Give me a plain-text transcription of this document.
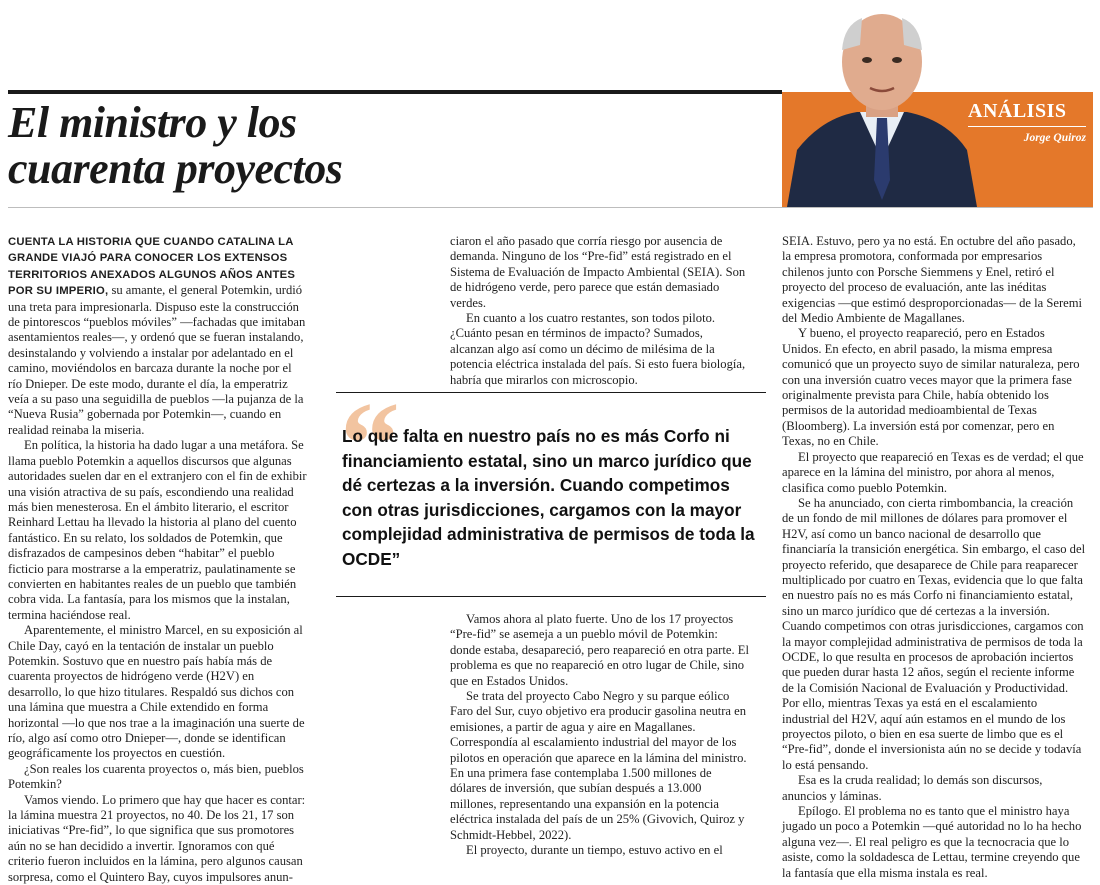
El ministro y los
cuarenta proyectos
ANÁLISIS
Jorge Quiroz

CUENTA LA HISTORIA QUE CUANDO CATALINA LA GRANDE VIAJÓ PARA CONOCER LOS EXTENSOS TERRITORIOS ANEXADOS ALGUNOS AÑOS ANTES POR SU IMPERIO, su amante, el general Potemkin, urdió una treta para impresionarla. Dispuso este la construcción de pintorescos “pueblos móviles” —fachadas que imitaban asentamientos reales—, y ordenó que se fueran instalando, desinstalando y volviendo a instalar por adelantado en el camino, moviéndolos en barcaza durante la noche por el río Dnieper. De este modo, durante el día, la emperatriz veía a su paso una seguidilla de pueblos —la pujanza de la “Nueva Rusia” gobernada por Potemkin—, cuando en realidad reinaba la miseria.

En política, la historia ha dado lugar a una metáfora. Se llama pueblo Potemkin a aquellos discursos que algunas autoridades suelen dar en el extranjero con el fin de exhibir una visión atractiva de su país, escondiendo una realidad más bien menesterosa. En el ámbito literario, el escritor Reinhard Lettau ha llevado la historia al plano del cuento fantástico. En su relato, los soldados de Potemkin, que disfrazados de campesinos deben “habitar” el pueblo ficticio para mostrarse a la emperatriz, paulatinamente se convierten en habitantes reales de un pueblo que también cobra vida. La fantasía, para los mismos que la instalan, termina haciéndose real.

Aparentemente, el ministro Marcel, en su exposición al Chile Day, cayó en la tentación de instalar un pueblo Potemkin. Sostuvo que en nuestro país había más de cuarenta proyectos de hidrógeno verde (H2V) en desarrollo, lo que hizo titulares. Respaldó sus dichos con una lámina que muestra a Chile extendido en forma horizontal —lo que nos trae a la imaginación una suerte de río, algo así como otro Dnieper—, donde se identifican geográficamente los proyectos en cuestión.

¿Son reales los cuarenta proyectos o, más bien, pueblos Potemkin?

Vamos viendo. Lo primero que hay que hacer es contar: la lámina muestra 21 proyectos, no 40. De los 21, 17 son iniciativas “Pre-fid”, lo que significa que sus promotores aún no se han decidido a invertir. Ignoramos con qué criterio fueron incluidos en la lámina, pero algunos causan sorpresa, como el Quintero Bay, cuyos impulsores anun-

ciaron el año pasado que corría riesgo por ausencia de demanda. Ninguno de los “Pre-fid” está registrado en el Sistema de Evaluación de Impacto Ambiental (SEIA). Son de hidrógeno verde, pero parece que están demasiado verdes.

En cuanto a los cuatro restantes, son todos piloto. ¿Cuánto pesan en términos de impacto? Sumados, alcanzan algo así como un décimo de milésima de la potencia eléctrica instalada del país. Si esto fuera biología, habría que mirarlos con microscopio.

“
Lo que falta en nuestro país no es más Corfo ni financiamiento estatal, sino un marco jurídico que dé certezas a la inversión. Cuando competimos con otras jurisdicciones, cargamos con la mayor complejidad administrativa de permisos de toda la OCDE”

Vamos ahora al plato fuerte. Uno de los 17 proyectos “Pre-fid” se asemeja a un pueblo móvil de Potemkin: donde estaba, desapareció, pero reapareció en otra parte. El problema es que no reapareció en otro lugar de Chile, sino que en Estados Unidos.

Se trata del proyecto Cabo Negro y su parque eólico Faro del Sur, cuyo objetivo era producir gasolina neutra en emisiones, a partir de agua y aire en Magallanes. Correspondía al escalamiento industrial del mayor de los pilotos en operación que aparece en la lámina del ministro. En una primera fase contemplaba 1.500 millones de dólares de inversión, que subían después a 13.000 millones, representando una expansión en la potencia eléctrica instalada del país de un 25% (Givovich, Quiroz y Schmidt-Hebbel, 2022).

El proyecto, durante un tiempo, estuvo activo en el

SEIA. Estuvo, pero ya no está. En octubre del año pasado, la empresa promotora, conformada por empresarios chilenos junto con Porsche Siemmens y Enel, retiró el proyecto del proceso de evaluación, ante las inéditas exigencias —que estimó desproporcionadas— de la Seremi del Medio Ambiente de Magallanes.

Y bueno, el proyecto reapareció, pero en Estados Unidos. En efecto, en abril pasado, la misma empresa comunicó que un proyecto suyo de similar naturaleza, pero con una inversión cuatro veces mayor que la primera fase originalmente prevista para Chile, había obtenido los permisos de la autoridad medioambiental de Texas (Bloomberg). La inversión está por comenzar, pero en Texas, no en Chile.

El proyecto que reapareció en Texas es de verdad; el que aparece en la lámina del ministro, por ahora al menos, clasifica como pueblo Potemkin.

Se ha anunciado, con cierta rimbombancia, la creación de un fondo de mil millones de dólares para promover el H2V, así como un banco nacional de desarrollo que financiaría la transición energética. Sin embargo, el caso del proyecto referido, que desaparece de Chile para reaparecer multiplicado por cuatro en Texas, evidencia que lo que falta en nuestro país no es más Corfo ni financiamiento estatal, sino un marco jurídico que dé certezas a la inversión. Cuando competimos con otras jurisdicciones, cargamos con la mayor complejidad administrativa de permisos de toda la OCDE, lo que resulta en procesos de aprobación inciertos que pueden durar hasta 12 años, según el reciente informe de la Comisión Nacional de Evaluación y Productividad. Por ello, mientras Texas ya está en el escalamiento industrial del H2V, aquí aún estamos en el mundo de los proyectos piloto, o bien en esa suerte de limbo que es el “Pre-fid”, donde el inversionista aún no se decide y todavía lo está pensando.

Esa es la cruda realidad; lo demás son discursos, anuncios y láminas.

Epílogo. El problema no es tanto que el ministro haya jugado un poco a Potemkin —qué autoridad no lo ha hecho alguna vez—. El real peligro es que la tecnocracia que lo asiste, como la soldadesca de Lettau, termine creyendo que la fantasía que ella misma instala es real.
